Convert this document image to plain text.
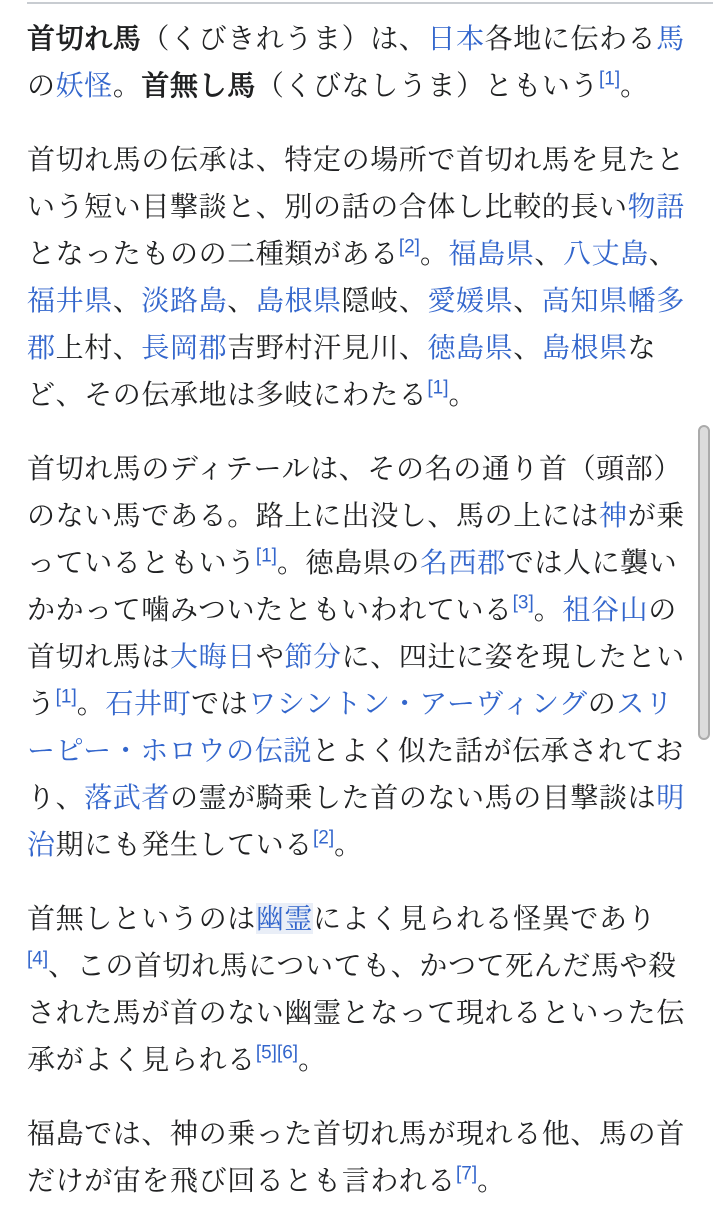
首切れ馬（くびきれうま）は、日本各地に伝わる馬の妖怪。首無し馬（くびなしうま）ともいう[1]。

首切れ馬の伝承は、特定の場所で首切れ馬を見たという短い目撃談と、別の話の合体し比較的長い物語となったものの二種類がある[2]。福島県、八丈島、福井県、淡路島、島根県隠岐、愛媛県、高知県幡多郡上村、長岡郡吉野村汗見川、徳島県、島根県など、その伝承地は多岐にわたる[1]。

首切れ馬のディテールは、その名の通り首（頭部）のない馬である。路上に出没し、馬の上には神が乗っているともいう[1]。徳島県の名西郡では人に襲いかかって噛みついたともいわれている[3]。祖谷山の首切れ馬は大晦日や節分に、四辻に姿を現したという[1]。石井町ではワシントン・アーヴィングのスリーピー・ホロウの伝説とよく似た話が伝承されており、落武者の霊が騎乗した首のない馬の目撃談は明治期にも発生している[2]。

首無しというのは幽霊によく見られる怪異であり[4]、この首切れ馬についても、かつて死んだ馬や殺された馬が首のない幽霊となって現れるといった伝承がよく見られる[5][6]。

福島では、神の乗った首切れ馬が現れる他、馬の首だけが宙を飛び回るとも言われる[7]。
